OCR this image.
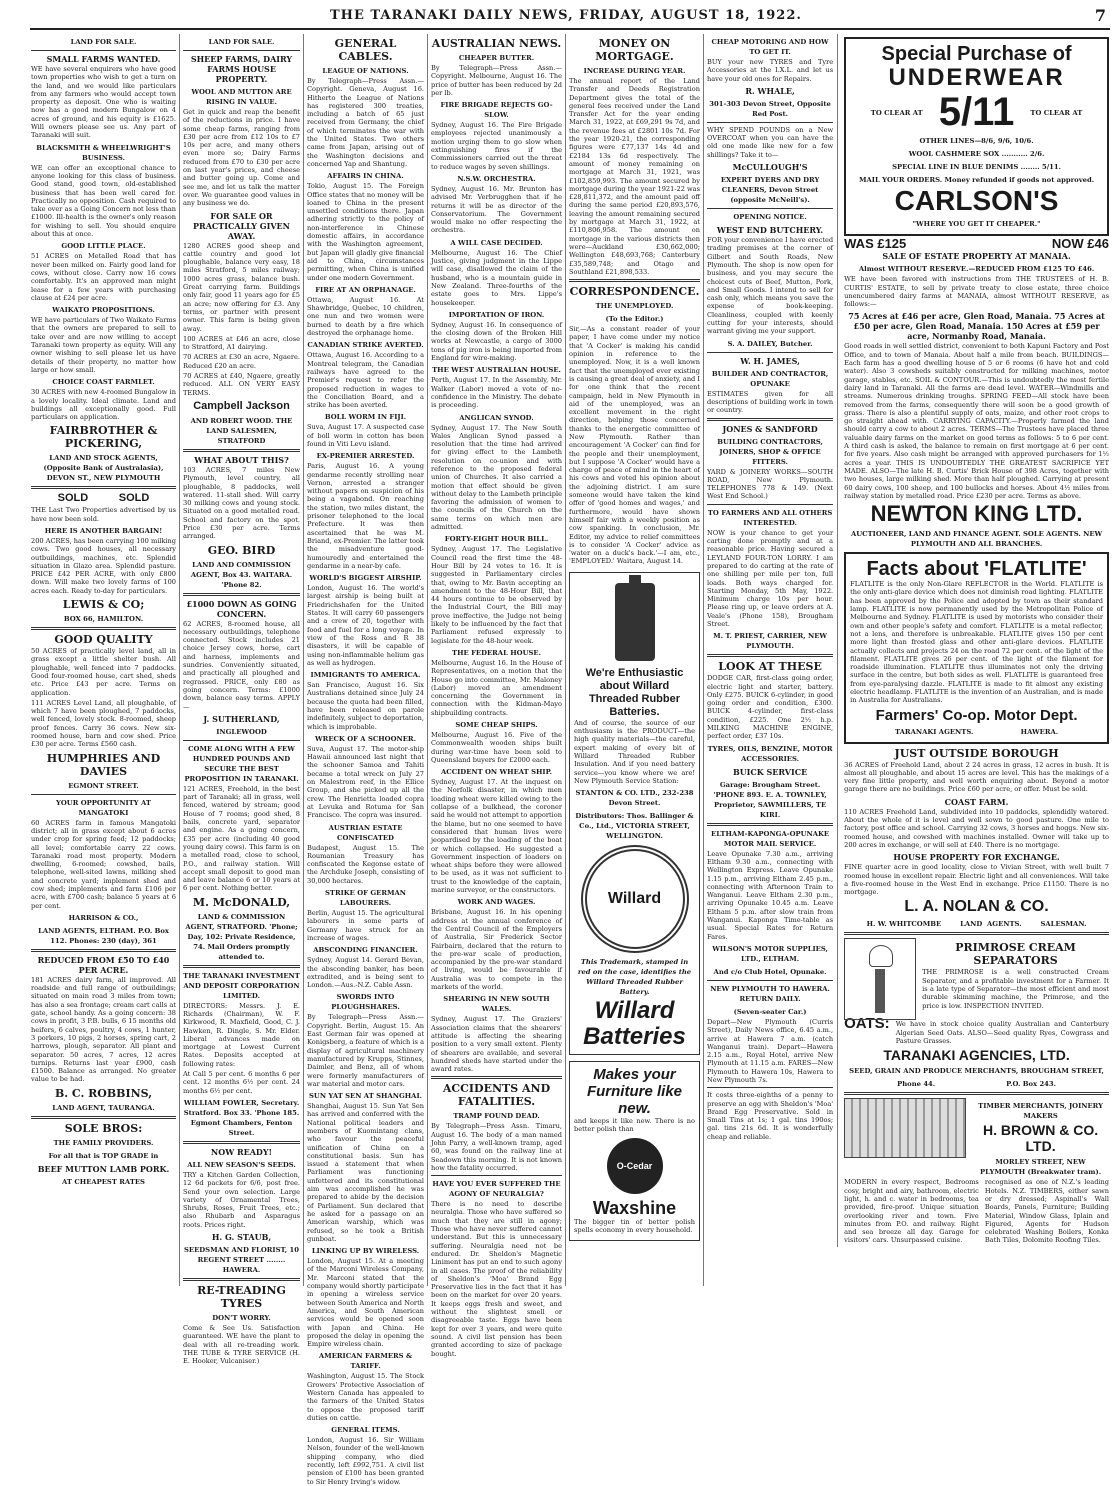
THE TARANAKI DAILY NEWS, FRIDAY, AUGUST 18, 1922.	7
LAND FOR SALE.
SMALL FARMS WANTED.

WE have several enquirers who have good town properties who wish to get a turn on the land, and we would like particulars from any farmers who would accept town property as deposit. One who is waiting now has a good modern Bungalow on 4 acres of ground, and his equity is £1625. Will owners please see us. Any part of Taranaki will suit.

BLACKSMITH & WHEELWRIGHT'S BUSINESS.

WE can offer an exceptional chance to anyone looking for this class of business. Good stand, good town, old-established business that has been well cared for. Practically no opposition. Cash required to take over as a Going Concern not less than £1000. Ill-health is the owner's only reason for wishing to sell. You should enquire about this at once.

GOOD LITTLE PLACE.

51 ACRES on Metalled Road that has never been milked on. Fairly good land for cows, without close. Carry now 16 cows comfortably. It's an approved man might lease for a few years with purchasing clause at £24 per acre.

WAIKATO PROPOSITIONS.

WE have particulars of Two Waikato Farms that the owners are prepared to sell to take over and are now willing to accept Taranaki town property as equity. Will any owner wishing to sell please let us have details of their property, no matter how large or how small.

CHOICE COAST FARMLET.

30 ACRES with new 4-roomed Bungalow in a lovely locality. Ideal climate. Land and buildings all exceptionally good. Full particulars on application.

FAIRBROTHER & PICKERING,
LAND AND STOCK AGENTS, (Opposite Bank of Australasia), DEVON ST., NEW PLYMOUTH
SOLD          SOLD

THE Last Two Properties advertised by us have now been sold.

HERE IS ANOTHER BARGAIN!

200 ACRES, has been carrying 100 milking cows. Two good houses, all necessary outbuildings, machines, etc. Splendid situation in Glazo area. Splendid pasture. PRICE £42 PER ACRE, with only £800 down. Will make two lovely farms of 100 acres each. Ready to-day for particulars.

LEWIS & CO;
BOX 66, HAMILTON.
GOOD QUALITY

50 ACRES of practically level land, all in grass except a little shelter bush. All ploughable, well fenced into 7 paddocks. Good four-roomed house, cart shed, sheds etc. Price £43 per acre. Terms on application.

111 ACRES Level Land, all ploughable, of which 7 have been ploughed, 7 paddocks, well fenced, lovely stock. 8-roomed, sheep proof fences. Carry 36 cows. New six-roomed house, barn and cow shed. Price £30 per acre. Terms £560 cash.

HUMPHRIES AND DAVIES
EGMONT STREET.
YOUR OPPORTUNITY AT MANGATOKI

60 ACRES farm in famous Mangatoki district; all in grass except about 6 acres under crop for spring feed; 12 paddocks; all level; comfortable carry 22 cows. Taranaki road most property. Modern dwelling, 6-roomed; cowshed, bails, telephone, well-sited lawns, milking shed and concrete yard; implement shed and cow shed; implements and farm £106 per acre, with £700 cash; balance 5 years at 6 per cent.

HARRISON & CO.,
LAND AGENTS, ELTHAM. P.O. Box 112. Phones: 230 (day), 361
REDUCED FROM £50 TO £40 PER ACRE.

181 ACRES dairy farm, all improved. All roadside and full range of outbuildings; situated on main road 3 miles from town; has also a sea frontage; cream cart calls at gate, school handy. As a going concern: 38 cows in profit, 3 P.B. bulls, 6 15 months old heifers, 6 calves, poultry, 4 cows, 1 hunter, 3 porkers, 10 pigs, 2 horses, spring cart, 2 harrows, plough, separator. All plant and separator. 50 acres, 7 acres, 12 acres turnips. Returns last year £900, cash £1500. Balance as arranged. No greater value to be had.

B. C. ROBBINS,
LAND AGENT, TAURANGA.
SOLE BROS:
THE FAMILY PROVIDERS.
For all that is TOP GRADE in
BEEF MUTTON LAMB PORK.
AT CHEAPEST RATES
LAND FOR SALE.
SHEEP FARMS, DAIRY FARMS HOUSE PROPERTY.
WOOL AND MUTTON ARE RISING IN VALUE.

Get in quick and reap the benefit of the reductions in price. I have some cheap farms, ranging from £30 per acre from £12 10s to £7 10s per acre, and many others even more so; Dairy Farms reduced from £70 to £30 per acre on last year's prices, and cheese and butter going up. Come and see me, and let us talk the matter over. We guarantee good values in any business we do.

FOR SALE OR PRACTICALLY GIVEN AWAY.

1280 ACRES good sheep and cattle country and good lot ploughable, balance very easy, 18 miles Stratford, 5 miles railway; 1000 acres grass, balance bush. Great carrying farm. Buildings only fair, good 11 years ago for £5 an acre; now offering for £3. Any terms, or partner with present owner. This farm is being given away.

100 ACRES at £46 an acre, close to Stratford, A1 dairying.

70 ACRES at £30 an acre, Ngaere. Reduced £20 an acre.

70 ACRES at £40, Ngaere, greatly reduced. ALL ON VERY EASY TERMS.

Campbell Jackson
AND ROBERT WOOD. THE LAND SALESMEN, STRATFORD
WHAT ABOUT THIS?

103 ACRES, 7 miles New Plymouth, level country, all ploughable, 8 paddocks, well watered. 11-stall shed. Will carry 30 milking cows and young stock. Situated on a good metalled road. School and factory on the spot. Price £30 per acre. Terms arranged.

GEO. BIRD
LAND AND COMMISSION AGENT, Box 43. WAITARA. 'Phone 82.
£1000 DOWN AS GOING CONCERN.

62 ACRES, 8-roomed house, all necessary outbuildings, telephone connected. Stock includes 21 choice Jersey cows, horse, cart and harness, implements and sundries. Conveniently situated, and practically all ploughed and regrassed. PRICE, only £80 as going concern. Terms: £1000 down, balance easy terms. APPLY—

J. SUTHERLAND,
INGLEWOOD
COME ALONG WITH A FEW HUNDRED POUNDS AND SECURE THE BEST PROPOSITION IN TARANAKI.

121 ACRES, Freehold, in the best part of Taranaki; all in grass, well fenced, watered by stream; good House of 7 rooms; good shed, 8 bails, concrete yard, separator and engine. As a going concern, £35 per acre (including 40 good young dairy cows). This farm is on a metalled road, close to school, P.O., and railway station. Will accept small deposit to good man and leave balance 6 or 10 years at 6 per cent. Nothing better.

M. McDONALD,
LAND & COMMISSION AGENT, STRATFORD. 'Phone; Day, 102: Private Residence, 74. Mail Orders promptly attended to.
THE TARANAKI INVESTMENT AND DEPOSIT CORPORATION LIMITED.

DIRECTORS: Messrs. J. E. Richards (Chairman), W. F. Kirkwood, R. Maxfield, Good, C. J. Hawken, R. Dingle, S. Mr. Elder. Liberal advances made on mortgage at Lowest Current Rates. Deposits accepted at following rates:

At Call 5 per cent. 6 months 6 per cent. 12 months 6½ per cent. 24 months 6½ per cent.

WILLIAM FOWLER, Secretary. Stratford. Box 33. 'Phone 185. Egmont Chambers, Fenton Street.
NOW READY!
ALL NEW SEASON'S SEEDS.

TRY a Kitchen Garden Collection, 12 6d packets for 6/6, post free. Send your own selection. Large variety of Ornamental Trees, Shrubs, Roses, Fruit Trees, etc.; also Rhubarb and Asparagus roots. Prices right.

H. G. STAUB,
SEEDSMAN AND FLORIST, 10 REGENT STREET ........ HAWERA.
RE-TREADING TYRES
DON'T WORRY.

Come & See Us. Satisfaction guaranteed. WE have the plant to deal with all re-treading work. THE TUBE & TYRE SERVICE (H. E. Hooker, Vulcaniser.)

GENERAL CABLES.
LEAGUE OF NATIONS.

By Telegraph—Press Assn.—Copyright. Geneva, August 16. Hitherto the League of Nations has registered 300 treaties, including a batch of 65 just received from Germany, the chief of which terminates the war with the United States. Two others came from Japan, arising out of the Washington decisions and concerned Yap and Shantung.

AFFAIRS IN CHINA.

Tokio, August 15. The Foreign Office states that no money will be loaned to China in the present unsettled conditions there. Japan adhering strictly to the policy of non-interference in Chinese domestic affairs, in accordance with the Washington agreement, but Japan will gladly give financial aid to China, circumstances permitting, when China is unified under one modern Government.

FIRE AT AN ORPHANAGE.

Ottawa, August 16. At Shawbridge, Quebec, 10 children, one nun and two women were burned to death by a fire which destroyed the orphanage home.

CANADIAN STRIKE AVERTED.

Ottawa, August 16. According to a Montreal telegram, the Canadian railways have agreed to the Premier's request to refer the proposed reduction in wages to the Conciliation Board, and a strike has been averted.

BOLL WORM IN FIJI.

Suva, August 17. A suspected case of boll worm in cotton has been found in Viti Levu island.

EX-PREMIER ARRESTED.

Paris, August 16. A young gendarme recently strolling near Vernon, arrested a stranger without papers on suspicion of his being a vagabond. On reaching the station, two miles distant, the prisoner telephoned to the local Prefecture. It was then ascertained that he was M. Briand, ex-Premier. The latter took the misadventure good-humouredly and entertained the gendarme in a near-by cafe.

WORLD'S BIGGEST AIRSHIP.

London, August 16. The world's largest airship is being built at Friedrichshafen for the United States. It will carry 60 passengers and a crew of 20, together with food and fuel for a long voyage. In view of the Ross and R 38 disasters, it will be capable of using non-inflammable helium gas as well as hydrogen.

IMMIGRANTS TO AMERICA.

San Francisco, August 16. Six Australians detained since July 24 because the quota had been filled, have been released on parole indefinitely, subject to deportation, which is improbable.

WRECK OF A SCHOONER.

Suva, August 17. The motor-ship Hawaii announced last night that the schooner Samoa and Tahiti became a total wreck on July 27 on Malestrom reef, in the Ellice Group, and she picked up all the crew. The Henrietta loaded copra at Levuka and Rotuma for San Francisco. The copra was insured.

AUSTRIAN ESTATE CONFISCATED

Budapest, August 15. The Roumanian Treasury has confiscated the Kegonse estate of the Archduke Joseph, consisting of 30,000 hectares.

STRIKE OF GERMAN LABOURERS.

Berlin, August 15. The agricultural labourers in some parts of Germany have struck for an increase of wages.

ABSCONDING FINANCIER.

Sydney, August 14. Gerard Bevan, the absconding banker, has been extradited, and is being sent to London.—Aus.-N.Z. Cable Assn.

SWORDS INTO PLOUGHSHARES.

By Telegraph—Press Assn.—Copyright. Berlin, August 15. An East German fair was opened at Konigsberg, a feature of which is a display of agricultural machinery manufactured by Krupps, Stinnes, Daimler, and Benz, all of whom were formerly manufacturers of war material and motor cars.

SUN YAT SEN AT SHANGHAI.

Shanghai, August 15. Sun Yat Sen has arrived and conferred with the National political leaders and members of Kuomintang clans, who favour the peaceful unification of China on a constitutional basis. Sun has issued a statement that when Parliament was functioning unfettered and its constitutional aim was accomplished he was prepared to abide by the decision of Parliament. Sun declared that he asked for a passage on an American warship, which was refused, so he took a British gunboat.

LINKING UP BY WIRELESS.

London, August 15. At a meeting of the Marconi Wireless Company, Mr. Marconi stated that the company would shortly participate in opening a wireless service between South America and North America, and South American services would be opened soon with Japan and China. He proposed the delay in opening the Empire wireless chain.

AMERICAN FARMERS & TARIFF.

Washington, August 15. The Stock Growers' Protective Association of Western Canada has appealed to the farmers of the United States to oppose the proposed tariff duties on cattle.

GENERAL ITEMS.

London, August 16. Sir William Nelson, founder of the well-known shipping company, who died recently, left £992,751. A civil list pension of £100 has been granted to Sir Henry Irving's widow.

AUSTRALIAN NEWS.
CHEAPER BUTTER.

By Telegraph—Press Assn.—Copyright. Melbourne, August 16. The price of butter has been reduced by 2d per lb.

FIRE BRIGADE REJECTS GO-SLOW.

Sydney, August 16. The Fire Brigade employees rejected unanimously a motion urging them to go slow when extinguishing fires if the Commissioners carried out the threat to reduce wages by seven shillings.

N.S.W. ORCHESTRA.

Sydney, August 16. Mr. Brunton has advised Mr. Verbrugghen that if he returns it will be as director of the Conservatorium. The Government would make no offer respecting the orchestra.

A WILL CASE DECIDED.

Melbourne, August 16. The Chief Justice, giving judgment in the Lippe will case, disallowed the claim of the husband, who is a mountain guide in New Zealand. Three-fourths of the estate goes to Mrs. Lippe's housekeeper.

IMPORTATION OF IRON.

Sydney, August 16. In consequence of the closing down of the Broken Hill works at Newcastle, a cargo of 3000 tons of pig iron is being imported from England for wire-making.

THE WEST AUSTRALIAN HOUSE.

Perth, August 17. In the Assembly, Mr. Walker (Labor) moved a vote of no-confidence in the Ministry. The debate is proceeding.

ANGLICAN SYNOD.

Sydney, August 17. The New South Wales Anglican Synod passed a resolution that the time had arrived for giving effect to the Lambeth resolution on co-union and with reference to the proposed federal union of Churches. It also carried a motion that effect should be given without delay to the Lambeth principle favoring the admission of women to the councils of the Church on the same terms on which men are admitted.

FORTY-EIGHT HOUR BILL.

Sydney, August 17. The Legislative Council read the first time the 48-Hour Bill by 24 votes to 16. It is suggested in Parliamentary circles that, owing to Mr. Bavin accepting an amendment to the 48-Hour Bill, that 44 hours continue to be observed by the Industrial Court, the Bill may prove ineffective, the Judge not being likely to be influenced by the fact that Parliament refused expressly to legislate for the 48-hour week.

THE FEDERAL HOUSE.

Melbourne, August 16. In the House of Representatives, on a motion that the House go into committee, Mr. Maloney (Labor) moved an amendment concerning the Government in connection with the Kidman-Mayo shipbuilding contracts.

SOME CHEAP SHIPS.

Melbourne, August 16. Five of the Commonwealth wooden ships built during war-time have been sold to Queensland buyers for £2000 each.

ACCIDENT ON WHEAT SHIP.

Sydney, August 17. At the inquest on the Norfolk disaster, in which men loading wheat were killed owing to the collapse of a bulkhead, the coroner said he would not attempt to apportion the blame, but no one seemed to have considered that human lives were jeopardised by the loading of the boat or which collapsed. He suggested a Government inspection of loaders on wheat ships before they were allowed to be used, as it was not sufficient to trust to the knowledge of the captain, marine surveyor, or the constructors.

WORK AND WAGES.

Brisbane, August 16. In his opening address at the annual conference of the Central Council of the Employers of Australia, Sir Frederick Sector Fairbairn, declared that the return to the pre-war scale of production, accompanied by the pre-war standard of living, would be favourable if Australia was to compete in the markets of the world.

SHEARING IN NEW SOUTH WALES.

Sydney, August 17. The Graziers' Association claims that the shearers' attitude is affecting the shearing position to a very small extent. Plenty of shearers are available, and several hundred sheds have started under the award rates.

ACCIDENTS AND FATALITIES.
TRAMP FOUND DEAD.

By Telegraph—Press Assn. Timaru, August 16. The body of a man named John Parry, a well-known tramp, aged 60, was found on the railway line at Seadown this morning. It is not known how the fatality occurred.

HAVE YOU EVER SUFFERED THE AGONY OF NEURALGIA?

There is no need to describe neuralgia. Those who have suffered so much that they are still in agony; Those who have never suffered cannot understand. But this is unnecessary suffering. Neuralgia need not be endured. Dr. Sheldon's Magnetic Liniment has put an end to such agony in all cases. The proof of the reliability of Sheldon's 'Moa' Brand Egg Preservative lies in the fact that it has been on the market for over 20 years. It keeps eggs fresh and sweet, and without the slightest smell or disagreeable taste. Eggs have been kept for over 3 years, and were quite sound. A civil list pension has been granted according to size of package bought.

MONEY ON MORTGAGE.
INCREASE DURING YEAR.

The annual report of the Land Transfer and Deeds Registration Department gives the total of the general fees received under the Land Transfer Act for the year ending March 31, 1922, at £69,291 9s 7d, and the revenue fees at £2801 10s 7d. For the year 1920-21, the corresponding figures were £77,137 14s 4d and £2184 13s 6d respectively. The amount of money remaining on mortgage at March 31, 1921, was £102,859,993. The amount secured by mortgage during the year 1921-22 was £28,811,372, and the amount paid off during the same period £20,893,576, leaving the amount remaining secured by mortgage at March 31, 1922, at £110,806,958. The amount on mortgage in the various districts then were—Auckland £30,662,000; Wellington £48,693,768; Canterbury £35,589,748; and Otago and Southland £21,898,533.

CORRESPONDENCE.
THE UNEMPLOYED.
(To the Editor.)

Sir,—As a constant reader of your paper, I have come under my notice that 'A Cocker' is making his candid opinion in reference to the unemployed. Now, it is a well known fact that the unemployed ever existing is causing a great deal of anxiety, and I for one think that the recent campaign, held in New Plymouth in aid of the unemployed, was an excellent movement in the right direction, helping those concerned thanks to the energetic committee of New Plymouth. Rather than encouragement 'A Cocker' can find for the people and their unemployment, but I suppose 'A Cocker' would have a charge of peace of mind in the heart of his cows and voted his opinion about the adjoining district. I am sure someone would have taken the kind offer of 'good homes and wages,' and furthermore, would have shown himself fair with a weekly position as cow spanking. In conclusion, Mr. Editor, my advice to relief committees is to consider 'A Cocker' advice as 'water on a duck's back.'—I am, etc., 'EMPLOYED.' Waitara, August 14.

We're Enthusiastic about Willard Threaded Rubber Batteries.

And of course, the source of our enthusiasm is the PRODUCT—the high quality materials—the careful, expert making of every bit of Willard Threaded Rubber Insulation. And if you need battery service—you know where we are! New Plymouth Service Station:

STANTON & CO. LTD., 232-238 Devon Street.
Distributors: Thos. Ballinger & Co., Ltd., VICTORIA STREET, WELLINGTON.
Willard
This Trademark, stamped in red on the case, identifies the Willard Threaded Rubber Battery.
Willard Batteries
Makes your Furniture like new.

and keeps it like new. There is no better polish than

O-Cedar
Waxshine

The bigger tin of better polish spells economy in every household.

CHEAP MOTORING AND HOW TO GET IT.

BUY your new TYRES and Tyre Accessories at the I.X.L. and let us have your old ones for Repairs.

R. WHALE,
301-303 Devon Street, Opposite Red Post.

WHY SPEND POUNDS on a New OVERCOAT when you can have the old one made like new for a few shillings? Take it to—

McCULLOUGH'S
EXPERT DYERS AND DRY CLEANERS, Devon Street (opposite McNeill's).
OPENING NOTICE.
WEST END BUTCHERY.

FOR your convenience I have erected trading premises at the corner of Gilbert and South Roads, New Plymouth. The shop is now open for business, and you may secure the choicest cuts of Beef, Mutton, Pork, and Small Goods. I intend to sell for cash only, which means you save the expense of book-keeping. Cleanliness, coupled with keenly cutting for your interests, should warrant giving me your support.

S. A. DAILEY, Butcher.
W. H. JAMES,
BUILDER AND CONTRACTOR, OPUNAKE

ESTIMATES given for all descriptions of building work in town or country.

JONES & SANDFORD
BUILDING CONTRACTORS, JOINERS, SHOP & OFFICE FITTERS.

YARD & JOINERY WORKS—SOUTH ROAD, New Plymouth. TELEPHONES 778 & 149. (Next West End School.)

TO FARMERS AND ALL OTHERS INTERESTED.

NOW is your chance to get your carting done promptly and at a reasonable price. Having secured a LEYLAND FOUR-TON LORRY. I am prepared to do carting at the rate of one shilling per mile per ton, full loads. Both ways charged for. Starting Monday, 5th May, 1922. Minimum charge 10s per hour. Please ring up, or leave orders at A. Veale's (Phone 158), Brougham Street.

M. T. PRIEST, CARRIER, NEW PLYMOUTH.
LOOK AT THESE

DODGE CAR, first-class going order, electric light and starter, battery. Only £275. BUICK 6-cylinder, in good going order and condition, £300. BUICK 4-cylinder, first-class condition, £225. One 2½ h.p. MILKING MACHINE ENGINE, perfect order, £37 10s.

TYRES, OILS, BENZINE, MOTOR ACCESSORIES.
BUICK SERVICE
Garage: Brougham Street. 'PHONE 893. E. A. TOWNLEY, Proprietor, SAWMILLERS, TE KIRI.
ELTHAM-KAPONGA-OPUNAKE MOTOR MAIL SERVICE.

Leave Opunake 7.30 a.m., arriving Eltham 9.30 a.m., connecting with Wellington Express. Leave Opunake 1.15 p.m., arriving Eltham 2.45 p.m., connecting with Afternoon Train to Wanganui. Leave Eltham 2.30 p.m., arriving Opunake 10.45 a.m. Leave Eltham 5 p.m. after slow train from Wanganui. Kaponga Time-table as usual. Special Rates for Return Fares.

WILSON'S MOTOR SUPPLIES, LTD., ELTHAM.
And c/o Club Hotel, Opunake.
NEW PLYMOUTH TO HAWERA. RETURN DAILY.
(Seven-seater Car.)

Depart—New Plymouth (Curris Street), Daily News office, 6.45 a.m., arrive at Hawera 7 a.m. (catch Wanganui train). Depart—Hawera 2.15 a.m., Royal Hotel, arrive New Plymouth at 11.15 a.m. FARES—New Plymouth to Hawera 10s, Hawera to New Plymouth 7s.

It costs three-eighths of a penny to preserve an egg with Sheldon's 'Moa' Brand Egg Preservative. Sold in Small Tins at 1s; 1 gal. tins 190os; gal. tins 21s 6d. It is wonderfully cheap and reliable.

Special Purchase of
UNDERWEAR
TO CLEAR AT 5/11 TO CLEAR AT
OTHER LINES—8/6, 9/6, 10/6.
WOOL CASHMERE SOX ........... 2/6.
SPECIAL LINE IN BLUE DENIMS ........ 5/11.
MAIL YOUR ORDERS. Money refunded if goods not approved.
CARLSON'S
"WHERE YOU GET IT CHEAPER."
WAS £125	NOW £46
SALE OF ESTATE PROPERTY AT MANAIA.
Almost WITHOUT RESERVE.—REDUCED FROM £125 TO £46.

WE have been favored with instructions from THE TRUSTEES of H. B. CURTIS' ESTATE, to sell by private treaty to close estate, three choice unencumbered dairy farms at MANAIA, almost WITHOUT RESERVE, as follows:—

75 Acres at £46 per acre, Glen Road, Manaia. 75 Acres at £50 per acre, Glen Road, Manaia. 150 Acres at £59 per acre, Normanby Road, Manaia.

Good roads in well settled district, convenient to both Kapuni Factory and Post Office, and to town of Manaia. About half a mile from beach. BUILDINGS—Each farm has a good dwelling house of 5 or 6 rooms (6 have hot and cold water). Also 3 cowsheds suitably constructed for milking machines, motor garage, stables, etc. SOIL & CONTOUR.—This is undoubtedly the most fertile dairy land in Taranaki. All the farms are dead level. WATER—Windmills and streams. Numerous drinking troughs. SPRING FEED—All stock have been removed from the farms, consequently there will soon be a good growth of grass. There is also a plentiful supply of oats, maize, and other root crops to go straight ahead with. CARRYING CAPACITY.—Properly farmed the land should carry a cow to about 2 acres. TERMS—The Trustees have placed three valuable dairy farms on the market on good terms as follows: 5 to 6 per cent. A third cash is asked, the balance to remain on first mortgage at 6 per cent. for five years. Also cash might be arranged with approved purchasers for 1½ acres a year. THIS IS UNDOUBTEDLY THE GREATEST SACRIFICE YET MADE. ALSO—The late H. B. Curtis' Brick House of 398 Acres, together with two houses, large milking shed. More than half ploughed. Carrying at present 60 dairy cows, 100 sheep, and 100 bullocks and horses. About 4½ miles from railway station by metalled road. Price £230 per acre. Terms as above.

NEWTON KING LTD.
AUCTIONEER, LAND AND FINANCE AGENT. SOLE AGENTS. NEW PLYMOUTH AND ALL BRANCHES.
Facts about 'FLATLITE'

FLATLITE is the only Non-Glare REFLECTOR in the World. FLATLITE is the only anti-glare device which does not diminish road lighting. FLATLITE has been approved by the Police and adopted by town as their standard lamp. FLATLITE is now permanently used by the Metropolitan Police of Melbourne and Sydney. FLATLITE is used by motorists who consider their own and other people's safety and comfort. FLATLITE is a metal reflector, not a lens, and therefore is unbreakable. FLATLITE gives 150 per cent more light than frosted glass and other anti-glare devices. FLATLITE actually collects and projects 24 on the road 72 per cent. of the light of the filament. FLATLITE gives 26 per cent. of the light of the filament for roadside illumination. FLATLITE thus illuminates not only the driving surface in the centre, but both sides as well. FLATLITE is guaranteed free from eye-paralysing dazzle. FLATLITE is made to fit almost any existing electric headlamp. FLATLITE is the invention of an Australian, and is made in Australia for Australians.

Farmers' Co-op. Motor Dept.
TARANAKI AGENTS.                    HAWERA.
JUST OUTSIDE BOROUGH

36 ACRES of Freehold Land, about 2 24 acres in grass, 12 acres in bush. It is almost all ploughable, and about 15 acres are level. This has the makings of a very fine little property, and well worth enquiring about. Beyond a motor garage there are no buildings. Price £60 per acre, or offer. Must be sold.

COAST FARM.

110 ACRES Freehold Land, subdivided into 10 paddocks, splendidly watered. About the whole of it is level and well sown to good pasture. One mile to factory, post office and school. Carrying 32 cows, 3 horses and hoggs. New six-roomed house, and cowshed with machines installed. Owner will take up to 200 acres in exchange, or will sell at £40. There is no mortgage.

HOUSE PROPERTY FOR EXCHANGE.

FINE quarter acre in good locality, close to Vivian Street, with well built 7 roomed house in excellent repair. Electric light and all conveniences. Will take a five-roomed house in the West End in exchange. Price £1150. There is no mortgage.

L. A. NOLAN & CO.
H. W. WHITCOMBE        LAND  AGENTS.        SALESMAN.
PRIMROSE CREAM SEPARATORS

THE PRIMROSE is a well constructed Cream Separator, and a profitable investment for a Farmer. It is a late type of Separator—the most efficient and most durable skimming machine, the Primrose, and the price is low. INSPECTION INVITED.

OATS: We have in stock choice quality Australian and Canterbury Algerian Seed Oats. ALSO—Seed quality Ryes, Cowgrass and Pasture Grasses.

TARANAKI AGENCIES, LTD.
SEED, GRAIN AND PRODUCE MERCHANTS, BROUGHAM STREET,
Phone 44.                              P.O. Box 243.
TIMBER MERCHANTS, JOINERY MAKERS
H. BROWN & CO. LTD.
MORLEY STREET, NEW PLYMOUTH (Breakwater tram).

MODERN in every respect, Bedrooms cosy, bright and airy, bathroom, electric light, h. and c. water in bedrooms, tea provided, fire-proof. Unique situation overlooking river and town. Five minutes from P.O. and railway. Right and sea breeze all day. Garage for visitors' cars. Unsurpassed cuisine.

recognised as one of N.Z.'s leading Hotels. N.Z. TIMBERS, either sawn or dry dressed; Aspinall's Wall Boards, Panels, Furniture; Building Material, Window Glass, Iplain and Figured, Agents for Hudson celebrated Washing Boilers, Konka Bath Tiles, Dolomite Roofing Tiles.
